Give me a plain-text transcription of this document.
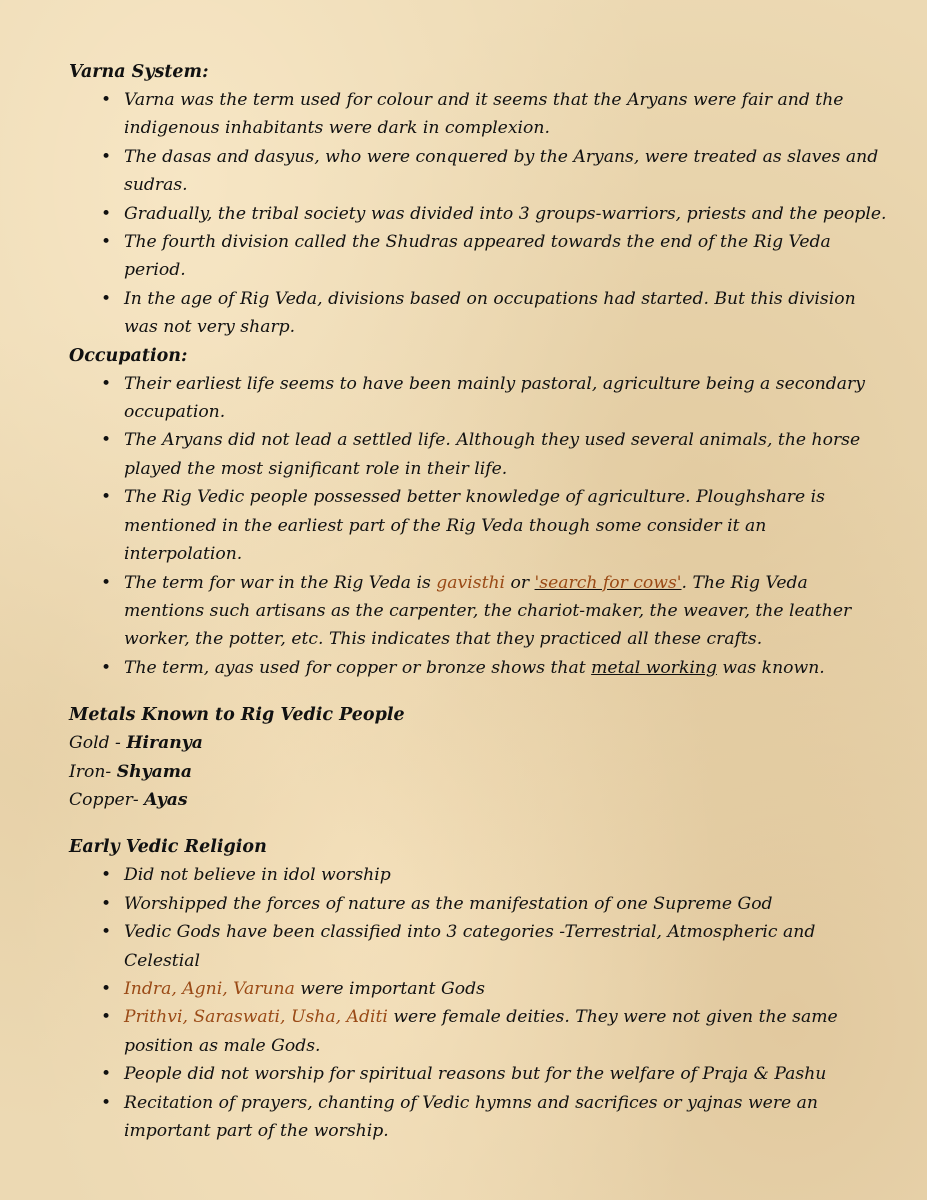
Varna System:

• Varna was the term used for colour and it seems that the Aryans were fair and the indigenous inhabitants were dark in complexion.
• The dasas and dasyus, who were conquered by the Aryans, were treated as slaves and sudras.
• Gradually, the tribal society was divided into 3 groups-warriors, priests and the people.
• The fourth division called the Shudras appeared towards the end of the Rig Veda period.
• In the age of Rig Veda, divisions based on occupations had started. But this division was not very sharp.

Occupation:

• Their earliest life seems to have been mainly pastoral, agriculture being a secondary occupation.
• The Aryans did not lead a settled life. Although they used several animals, the horse played the most significant role in their life.
• The Rig Vedic people possessed better knowledge of agriculture. Ploughshare is mentioned in the earliest part of the Rig Veda though some consider it an interpolation.
• The term for war in the Rig Veda is gavisthi or 'search for cows'. The Rig Veda mentions such artisans as the carpenter, the chariot-maker, the weaver, the leather worker, the potter, etc. This indicates that they practiced all these crafts.
• The term, ayas used for copper or bronze shows that metal working was known.

Metals Known to Rig Vedic People

Gold - Hiranya
Iron- Shyama
Copper- Ayas

Early Vedic Religion

• Did not believe in idol worship
• Worshipped the forces of nature as the manifestation of one Supreme God
• Vedic Gods have been classified into 3 categories -Terrestrial, Atmospheric and Celestial
• Indra, Agni, Varuna were important Gods
• Prithvi, Saraswati, Usha, Aditi were female deities. They were not given the same position as male Gods.
• People did not worship for spiritual reasons but for the welfare of Praja & Pashu
• Recitation of prayers, chanting of Vedic hymns and sacrifices or yajnas were an important part of the worship.
